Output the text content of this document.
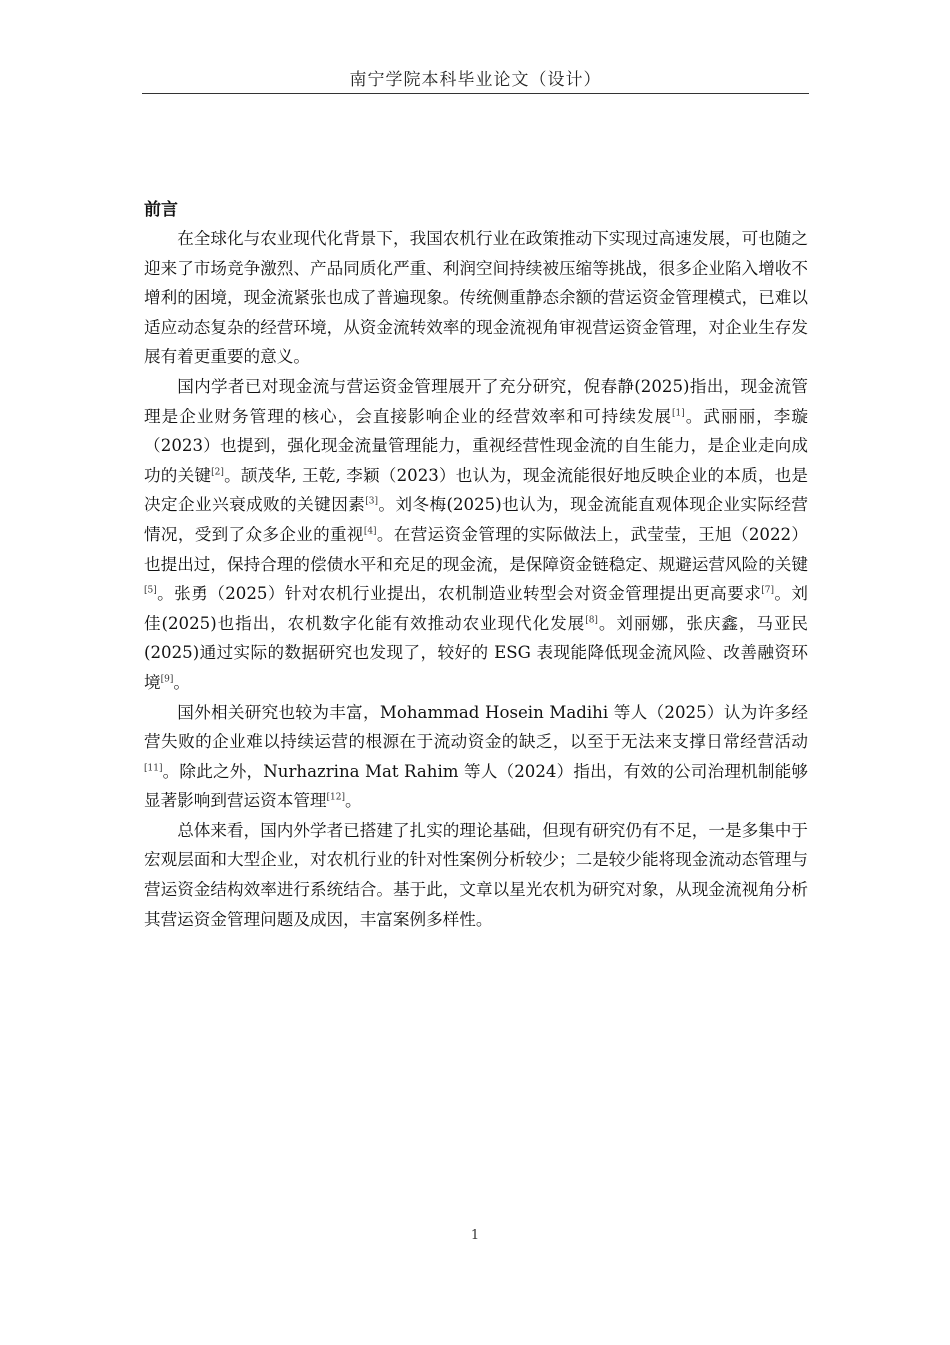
南宁学院本科毕业论文（设计）
前言

在全球化与农业现代化背景下，我国农机行业在政策推动下实现过高速发展，可也随之迎来了市场竞争激烈、产品同质化严重、利润空间持续被压缩等挑战，很多企业陷入增收不增利的困境，现金流紧张也成了普遍现象。传统侧重静态余额的营运资金管理模式，已难以适应动态复杂的经营环境，从资金流转效率的现金流视角审视营运资金管理，对企业生存发展有着更重要的意义。

国内学者已对现金流与营运资金管理展开了充分研究，倪春静(2025)指出，现金流管理是企业财务管理的核心，会直接影响企业的经营效率和可持续发展[1]。武丽丽，李璇（2023）也提到，强化现金流量管理能力，重视经营性现金流的自生能力，是企业走向成功的关键[2]。颉茂华, 王乾, 李颖（2023）也认为，现金流能很好地反映企业的本质，也是决定企业兴衰成败的关键因素[3]。刘冬梅(2025)也认为，现金流能直观体现企业实际经营情况，受到了众多企业的重视[4]。在营运资金管理的实际做法上，武莹莹，王旭（2022）也提出过，保持合理的偿债水平和充足的现金流，是保障资金链稳定、规避运营风险的关键[5]。张勇（2025）针对农机行业提出，农机制造业转型会对资金管理提出更高要求[7]。刘佳(2025)也指出，农机数字化能有效推动农业现代化发展[8]。刘丽娜，张庆鑫，马亚民(2025)通过实际的数据研究也发现了，较好的 ESG 表现能降低现金流风险、改善融资环境[9]。

国外相关研究也较为丰富，Mohammad Hosein Madihi 等人（2025）认为许多经营失败的企业难以持续运营的根源在于流动资金的缺乏，以至于无法来支撑日常经营活动[11]。除此之外，Nurhazrina Mat Rahim 等人（2024）指出，有效的公司治理机制能够显著影响到营运资本管理[12]。

总体来看，国内外学者已搭建了扎实的理论基础，但现有研究仍有不足，一是多集中于宏观层面和大型企业，对农机行业的针对性案例分析较少；二是较少能将现金流动态管理与营运资金结构效率进行系统结合。基于此，文章以星光农机为研究对象，从现金流视角分析其营运资金管理问题及成因，丰富案例多样性。

1
